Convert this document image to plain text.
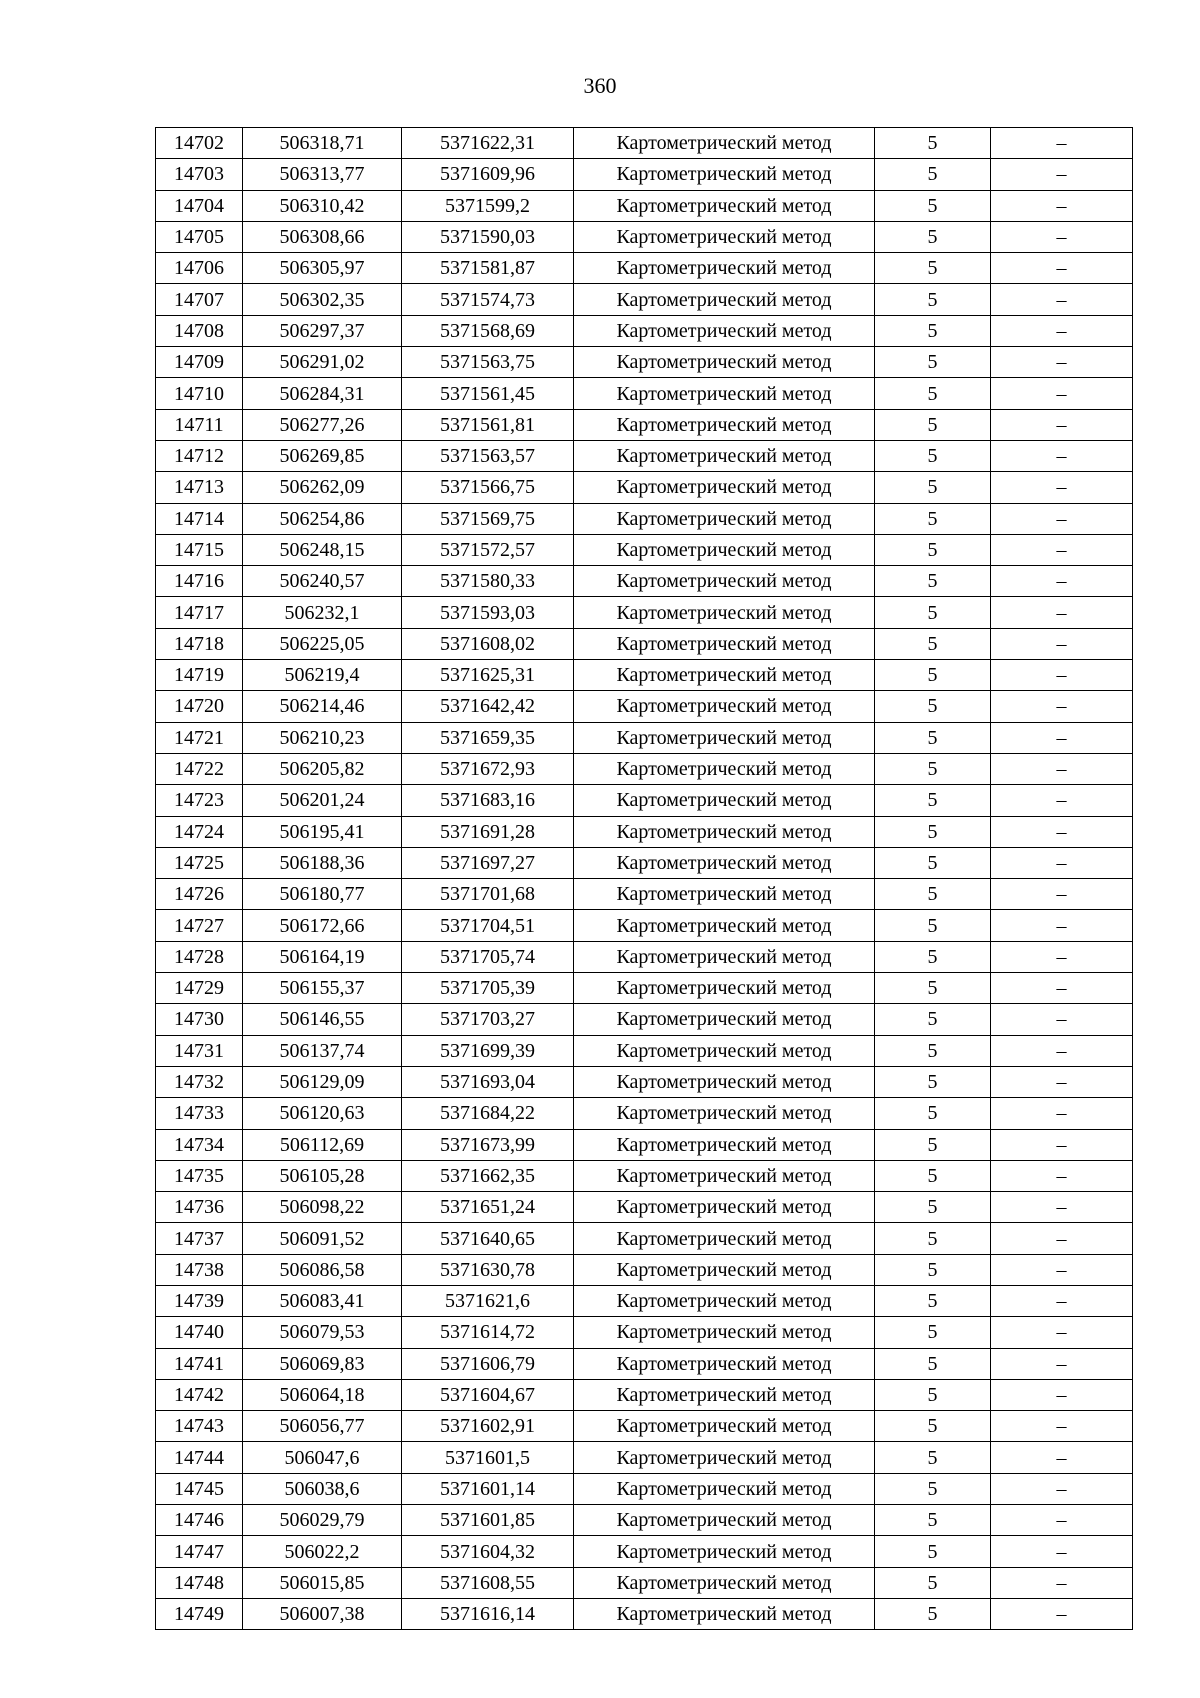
360
14702	506318,71	5371622,31	Картометрический метод	5	–
14703	506313,77	5371609,96	Картометрический метод	5	–
14704	506310,42	5371599,2	Картометрический метод	5	–
14705	506308,66	5371590,03	Картометрический метод	5	–
14706	506305,97	5371581,87	Картометрический метод	5	–
14707	506302,35	5371574,73	Картометрический метод	5	–
14708	506297,37	5371568,69	Картометрический метод	5	–
14709	506291,02	5371563,75	Картометрический метод	5	–
14710	506284,31	5371561,45	Картометрический метод	5	–
14711	506277,26	5371561,81	Картометрический метод	5	–
14712	506269,85	5371563,57	Картометрический метод	5	–
14713	506262,09	5371566,75	Картометрический метод	5	–
14714	506254,86	5371569,75	Картометрический метод	5	–
14715	506248,15	5371572,57	Картометрический метод	5	–
14716	506240,57	5371580,33	Картометрический метод	5	–
14717	506232,1	5371593,03	Картометрический метод	5	–
14718	506225,05	5371608,02	Картометрический метод	5	–
14719	506219,4	5371625,31	Картометрический метод	5	–
14720	506214,46	5371642,42	Картометрический метод	5	–
14721	506210,23	5371659,35	Картометрический метод	5	–
14722	506205,82	5371672,93	Картометрический метод	5	–
14723	506201,24	5371683,16	Картометрический метод	5	–
14724	506195,41	5371691,28	Картометрический метод	5	–
14725	506188,36	5371697,27	Картометрический метод	5	–
14726	506180,77	5371701,68	Картометрический метод	5	–
14727	506172,66	5371704,51	Картометрический метод	5	–
14728	506164,19	5371705,74	Картометрический метод	5	–
14729	506155,37	5371705,39	Картометрический метод	5	–
14730	506146,55	5371703,27	Картометрический метод	5	–
14731	506137,74	5371699,39	Картометрический метод	5	–
14732	506129,09	5371693,04	Картометрический метод	5	–
14733	506120,63	5371684,22	Картометрический метод	5	–
14734	506112,69	5371673,99	Картометрический метод	5	–
14735	506105,28	5371662,35	Картометрический метод	5	–
14736	506098,22	5371651,24	Картометрический метод	5	–
14737	506091,52	5371640,65	Картометрический метод	5	–
14738	506086,58	5371630,78	Картометрический метод	5	–
14739	506083,41	5371621,6	Картометрический метод	5	–
14740	506079,53	5371614,72	Картометрический метод	5	–
14741	506069,83	5371606,79	Картометрический метод	5	–
14742	506064,18	5371604,67	Картометрический метод	5	–
14743	506056,77	5371602,91	Картометрический метод	5	–
14744	506047,6	5371601,5	Картометрический метод	5	–
14745	506038,6	5371601,14	Картометрический метод	5	–
14746	506029,79	5371601,85	Картометрический метод	5	–
14747	506022,2	5371604,32	Картометрический метод	5	–
14748	506015,85	5371608,55	Картометрический метод	5	–
14749	506007,38	5371616,14	Картометрический метод	5	–
